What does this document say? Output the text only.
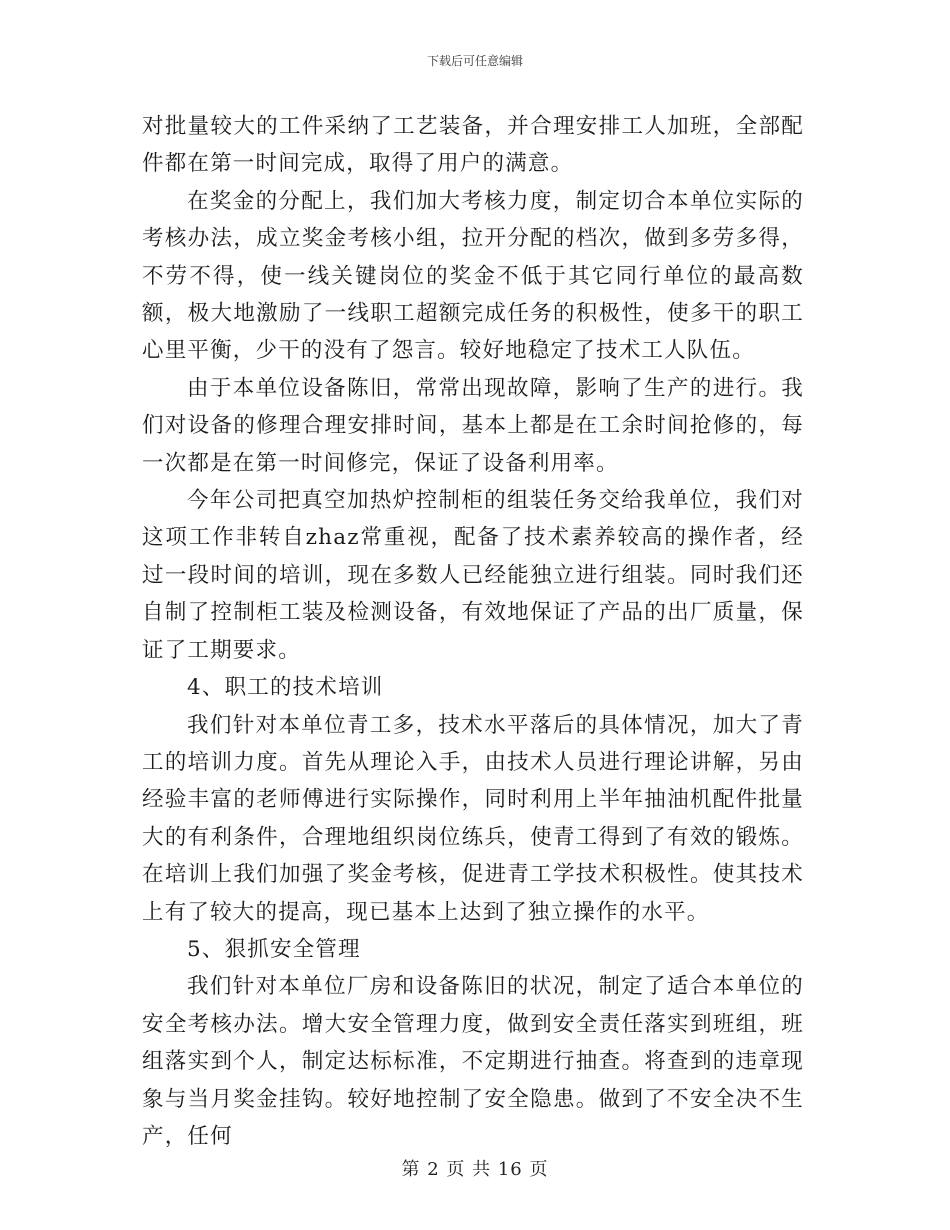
下载后可任意编辑

对批量较大的工件采纳了工艺装备，并合理安排工人加班，全部配件都在第一时间完成，取得了用户的满意。

在奖金的分配上，我们加大考核力度，制定切合本单位实际的考核办法，成立奖金考核小组，拉开分配的档次，做到多劳多得，不劳不得，使一线关键岗位的奖金不低于其它同行单位的最高数额，极大地激励了一线职工超额完成任务的积极性，使多干的职工心里平衡，少干的没有了怨言。较好地稳定了技术工人队伍。

由于本单位设备陈旧，常常出现故障，影响了生产的进行。我们对设备的修理合理安排时间，基本上都是在工余时间抢修的，每一次都是在第一时间修完，保证了设备利用率。

今年公司把真空加热炉控制柜的组装任务交给我单位，我们对这项工作非转自zhaz常重视，配备了技术素养较高的操作者，经过一段时间的培训，现在多数人已经能独立进行组装。同时我们还自制了控制柜工装及检测设备，有效地保证了产品的出厂质量，保证了工期要求。

4、职工的技术培训

我们针对本单位青工多，技术水平落后的具体情况，加大了青工的培训力度。首先从理论入手，由技术人员进行理论讲解，另由经验丰富的老师傅进行实际操作，同时利用上半年抽油机配件批量大的有利条件，合理地组织岗位练兵，使青工得到了有效的锻炼。在培训上我们加强了奖金考核，促进青工学技术积极性。使其技术上有了较大的提高，现已基本上达到了独立操作的水平。

5、狠抓安全管理

我们针对本单位厂房和设备陈旧的状况，制定了适合本单位的安全考核办法。增大安全管理力度，做到安全责任落实到班组，班组落实到个人，制定达标标准，不定期进行抽查。将查到的违章现象与当月奖金挂钩。较好地控制了安全隐患。做到了不安全决不生产，任何

第 2 页 共 16 页
